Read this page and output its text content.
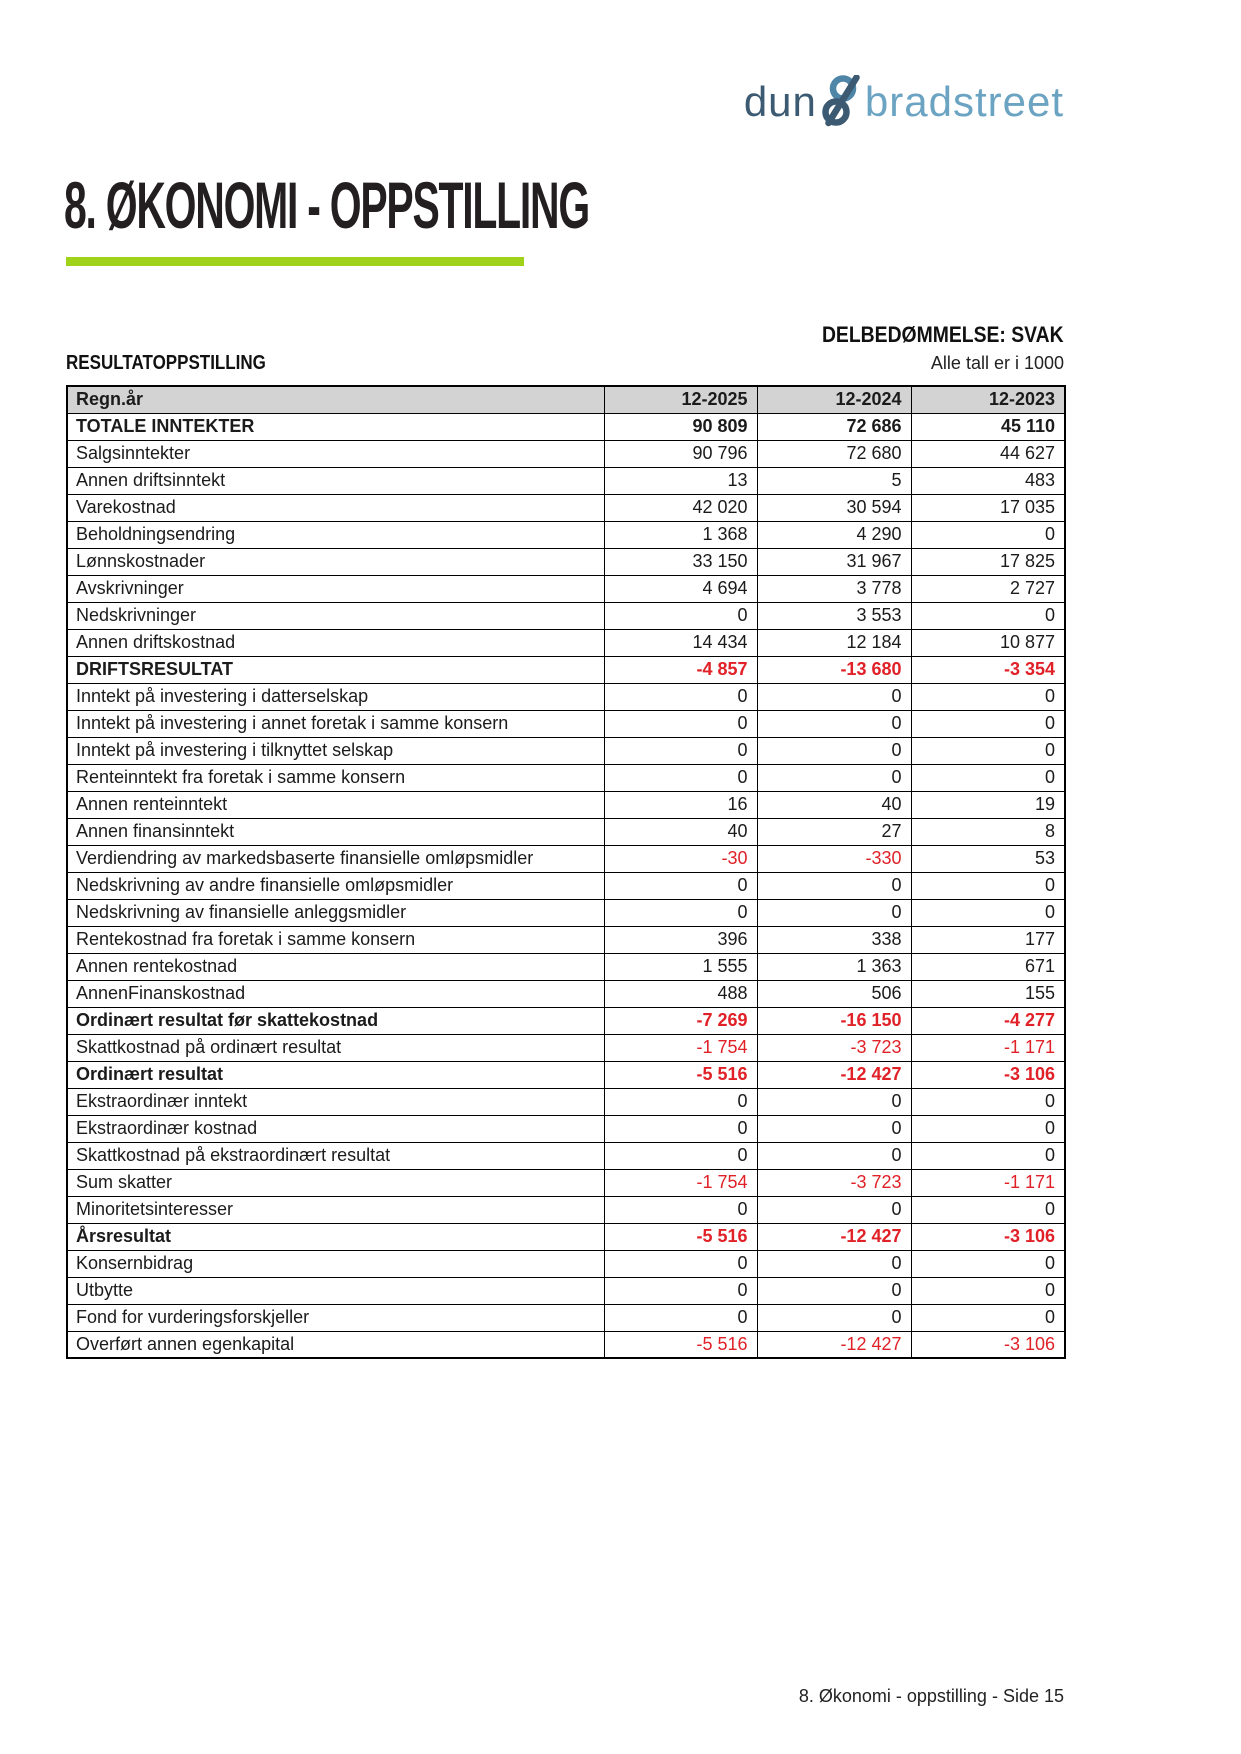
dun bradstreet
8. ØKONOMI - OPPSTILLING
DELBEDØMMELSE: SVAK
RESULTATOPPSTILLING	Alle tall er i 1000
Regn.år	12-2025	12-2024	12-2023
TOTALE INNTEKTER	90 809	72 686	45 110
Salgsinntekter	90 796	72 680	44 627
Annen driftsinntekt	13	5	483
Varekostnad	42 020	30 594	17 035
Beholdningsendring	1 368	4 290	0
Lønnskostnader	33 150	31 967	17 825
Avskrivninger	4 694	3 778	2 727
Nedskrivninger	0	3 553	0
Annen driftskostnad	14 434	12 184	10 877
DRIFTSRESULTAT	-4 857	-13 680	-3 354
Inntekt på investering i datterselskap	0	0	0
Inntekt på investering i annet foretak i samme konsern	0	0	0
Inntekt på investering i tilknyttet selskap	0	0	0
Renteinntekt fra foretak i samme konsern	0	0	0
Annen renteinntekt	16	40	19
Annen finansinntekt	40	27	8
Verdiendring av markedsbaserte finansielle omløpsmidler	-30	-330	53
Nedskrivning av andre finansielle omløpsmidler	0	0	0
Nedskrivning av finansielle anleggsmidler	0	0	0
Rentekostnad fra foretak i samme konsern	396	338	177
Annen rentekostnad	1 555	1 363	671
AnnenFinanskostnad	488	506	155
Ordinært resultat før skattekostnad	-7 269	-16 150	-4 277
Skattkostnad på ordinært resultat	-1 754	-3 723	-1 171
Ordinært resultat	-5 516	-12 427	-3 106
Ekstraordinær inntekt	0	0	0
Ekstraordinær kostnad	0	0	0
Skattkostnad på ekstraordinært resultat	0	0	0
Sum skatter	-1 754	-3 723	-1 171
Minoritetsinteresser	0	0	0
Årsresultat	-5 516	-12 427	-3 106
Konsernbidrag	0	0	0
Utbytte	0	0	0
Fond for vurderingsforskjeller	0	0	0
Overført annen egenkapital	-5 516	-12 427	-3 106
8. Økonomi - oppstilling - Side 15
